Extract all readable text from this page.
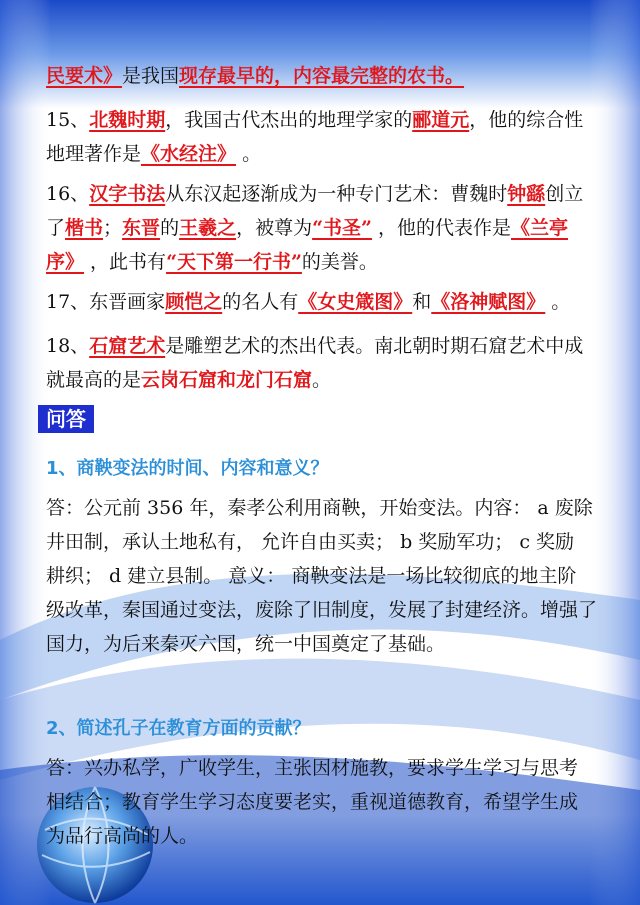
民要术》是我国现存最早的，内容最完整的农书。
15、北魏时期，我国古代杰出的地理学家的郦道元，他的综合性
地理著作是《水经注》 。
16、汉字书法从东汉起逐渐成为一种专门艺术：曹魏时钟繇创立
了楷书；东晋的王羲之，被尊为“书圣” ，他的代表作是《兰亭
序》 ，此书有“天下第一行书”的美誉。
17、东晋画家顾恺之的名人有《女史箴图》和《洛神赋图》 。
18、石窟艺术是雕塑艺术的杰出代表。南北朝时期石窟艺术中成
就最高的是云岗石窟和龙门石窟。
问答
1、商鞅变法的时间、内容和意义？
答：公元前 356 年，秦孝公利用商鞅，开始变法。内容： a 废除
井田制，承认土地私有， 允许自由买卖； b 奖励军功； c 奖励
耕织； d 建立县制。 意义： 商鞅变法是一场比较彻底的地主阶
级改革，秦国通过变法，废除了旧制度，发展了封建经济。增强了
国力，为后来秦灭六国，统一中国奠定了基础。
2、简述孔子在教育方面的贡献？
答：兴办私学，广收学生，主张因材施教，要求学生学习与思考
相结合；教育学生学习态度要老实，重视道德教育，希望学生成
为品行高尚的人。
